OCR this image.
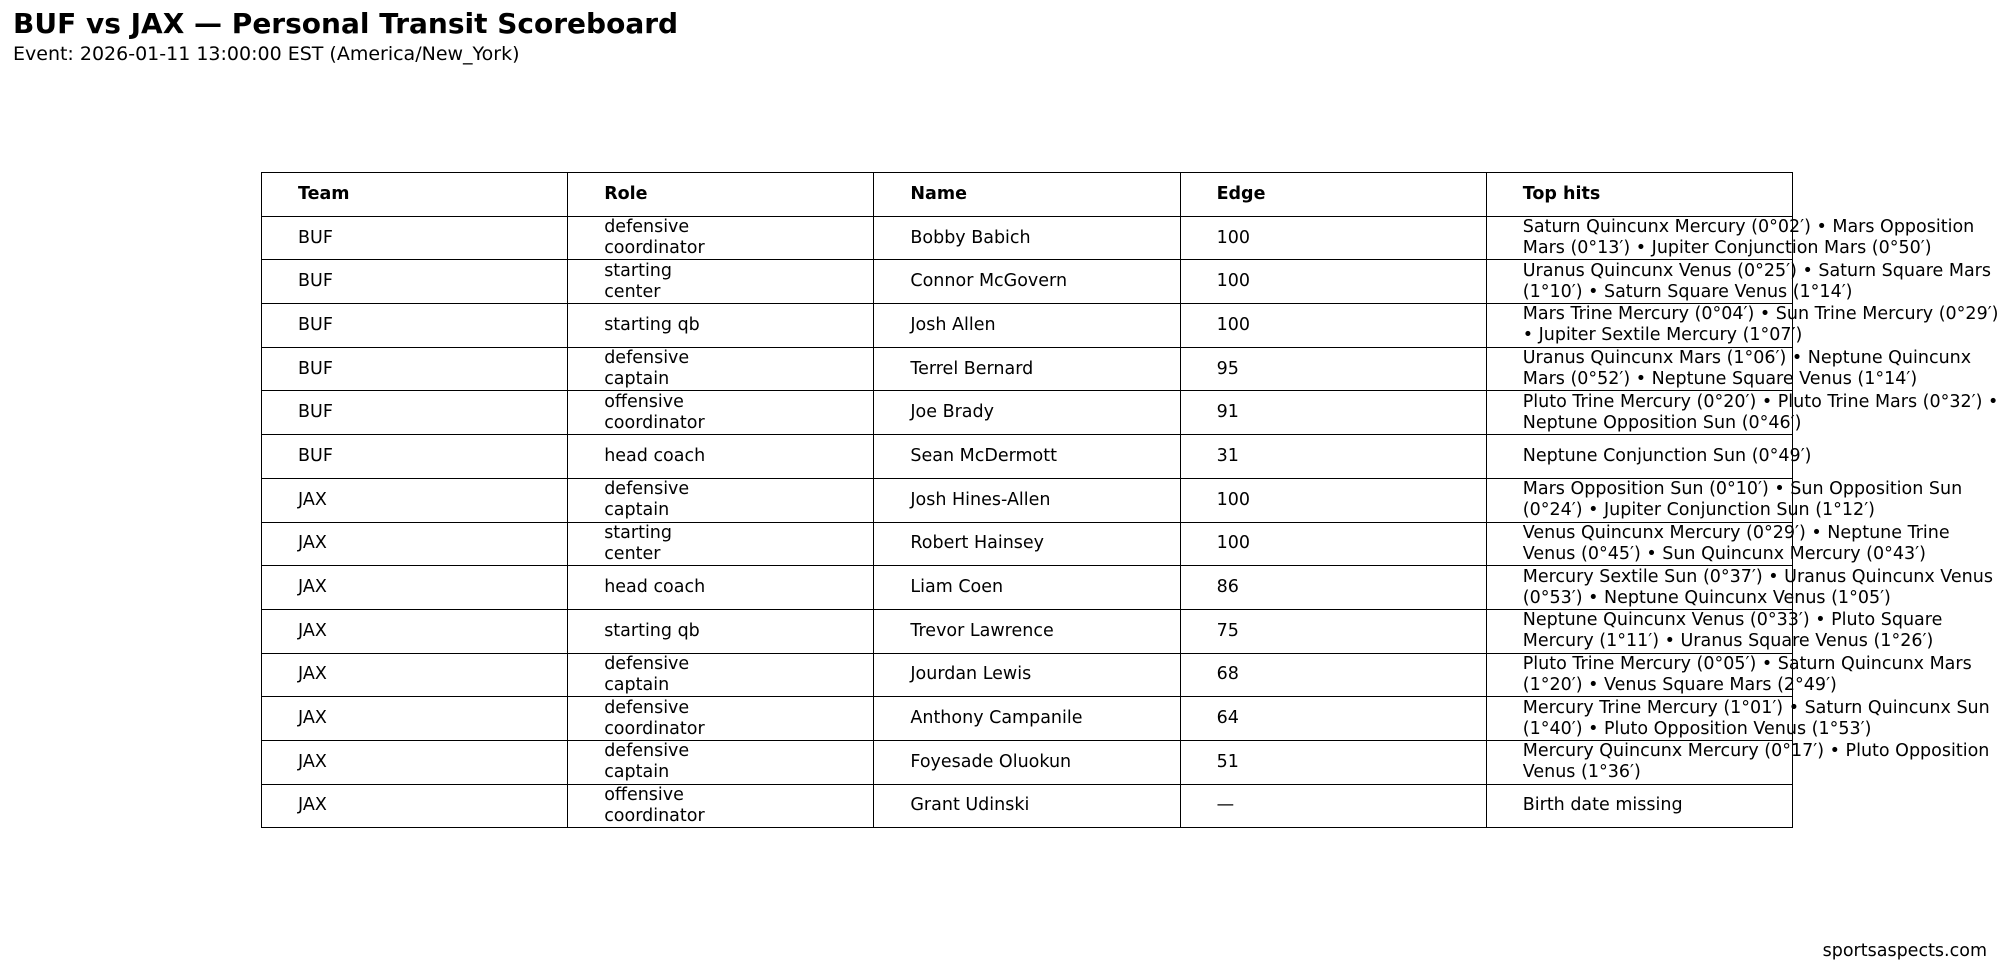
BUF vs JAX — Personal Transit Scoreboard
Event: 2026-01-11 13:00:00 EST (America/New_York)
Team	Role	Name	Edge	Top hits
BUF	defensive coordinator	Bobby Babich	100	Saturn Quincunx Mercury (0°02′) • Mars Opposition Mars (0°13′) • Jupiter Conjunction Mars (0°50′)

BUF	starting center	Connor McGovern	100	Uranus Quincunx Venus (0°25′) • Saturn Square Mars (1°10′) • Saturn Square Venus (1°14′)

BUF	starting qb	Josh Allen	100	Mars Trine Mercury (0°04′) • Sun Trine Mercury (0°29′) • Jupiter Sextile Mercury (1°07′)

BUF	defensive captain	Terrel Bernard	95	Uranus Quincunx Mars (1°06′) • Neptune Quincunx Mars (0°52′) • Neptune Square Venus (1°14′)

BUF	offensive coordinator	Joe Brady	91	Pluto Trine Mercury (0°20′) • Pluto Trine Mars (0°32′) • Neptune Opposition Sun (0°46′)

BUF	head coach	Sean McDermott	31	Neptune Conjunction Sun (0°49′)

JAX	defensive captain	Josh Hines-Allen	100	Mars Opposition Sun (0°10′) • Sun Opposition Sun (0°24′) • Jupiter Conjunction Sun (1°12′)

JAX	starting center	Robert Hainsey	100	Venus Quincunx Mercury (0°29′) • Neptune Trine Venus (0°45′) • Sun Quincunx Mercury (0°43′)

JAX	head coach	Liam Coen	86	Mercury Sextile Sun (0°37′) • Uranus Quincunx Venus (0°53′) • Neptune Quincunx Venus (1°05′)

JAX	starting qb	Trevor Lawrence	75	Neptune Quincunx Venus (0°33′) • Pluto Square Mercury (1°11′) • Uranus Square Venus (1°26′)

JAX	defensive captain	Jourdan Lewis	68	Pluto Trine Mercury (0°05′) • Saturn Quincunx Mars (1°20′) • Venus Square Mars (2°49′)

JAX	defensive coordinator	Anthony Campanile	64	Mercury Trine Mercury (1°01′) • Saturn Quincunx Sun (1°40′) • Pluto Opposition Venus (1°53′)

JAX	defensive captain	Foyesade Oluokun	51	Mercury Quincunx Mercury (0°17′) • Pluto Opposition Venus (1°36′)

JAX	offensive coordinator	Grant Udinski	—	Birth date missing
sportsaspects.com
